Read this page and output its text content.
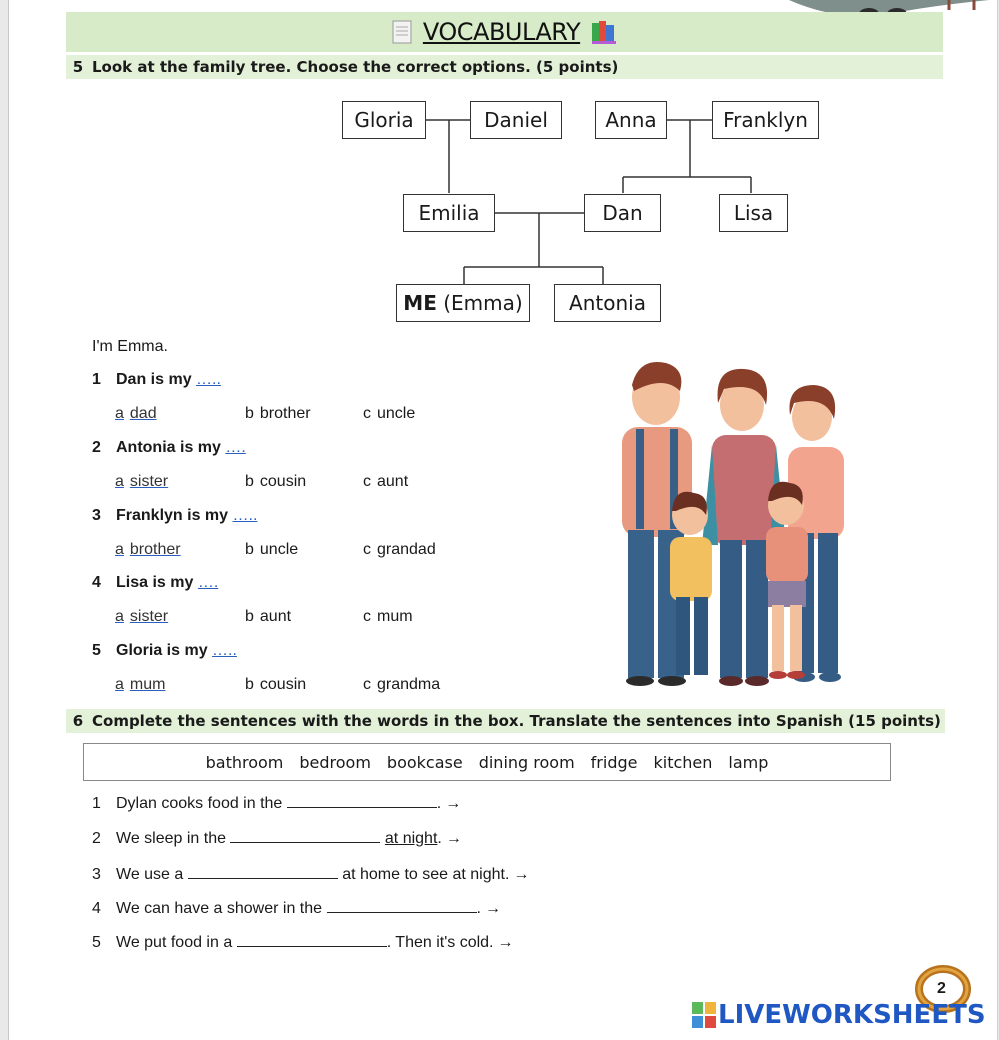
VOCABULARY
5 Look at the family tree. Choose the correct options. (5 points)
Gloria	Daniel	Anna	Franklyn
Emilia	Dan	Lisa
ME
(Emma)	Antonia
I'm Emma.
1 Dan is my …..
a dad	b brother	c uncle
2 Antonia is my ….
a sister	b cousin	c aunt
3 Franklyn is my …..
a brother	b uncle	c grandad
4 Lisa is my ….
a sister	b aunt	c mum
5 Gloria is my …..
a mum	b cousin	c grandma
6 Complete the sentences with the words in the box. Translate the sentences into Spanish (15 points)
bathroom bedroom bookcase dining room fridge kitchen lamp
1 Dylan cooks food in the	. →
2 We sleep in the	at night. →
3 We use a	at home to see at night. →
4 We can have a shower in the	. →
5 We put food in a	. Then it's cold. →
2
LIVEWORKSHEETS
